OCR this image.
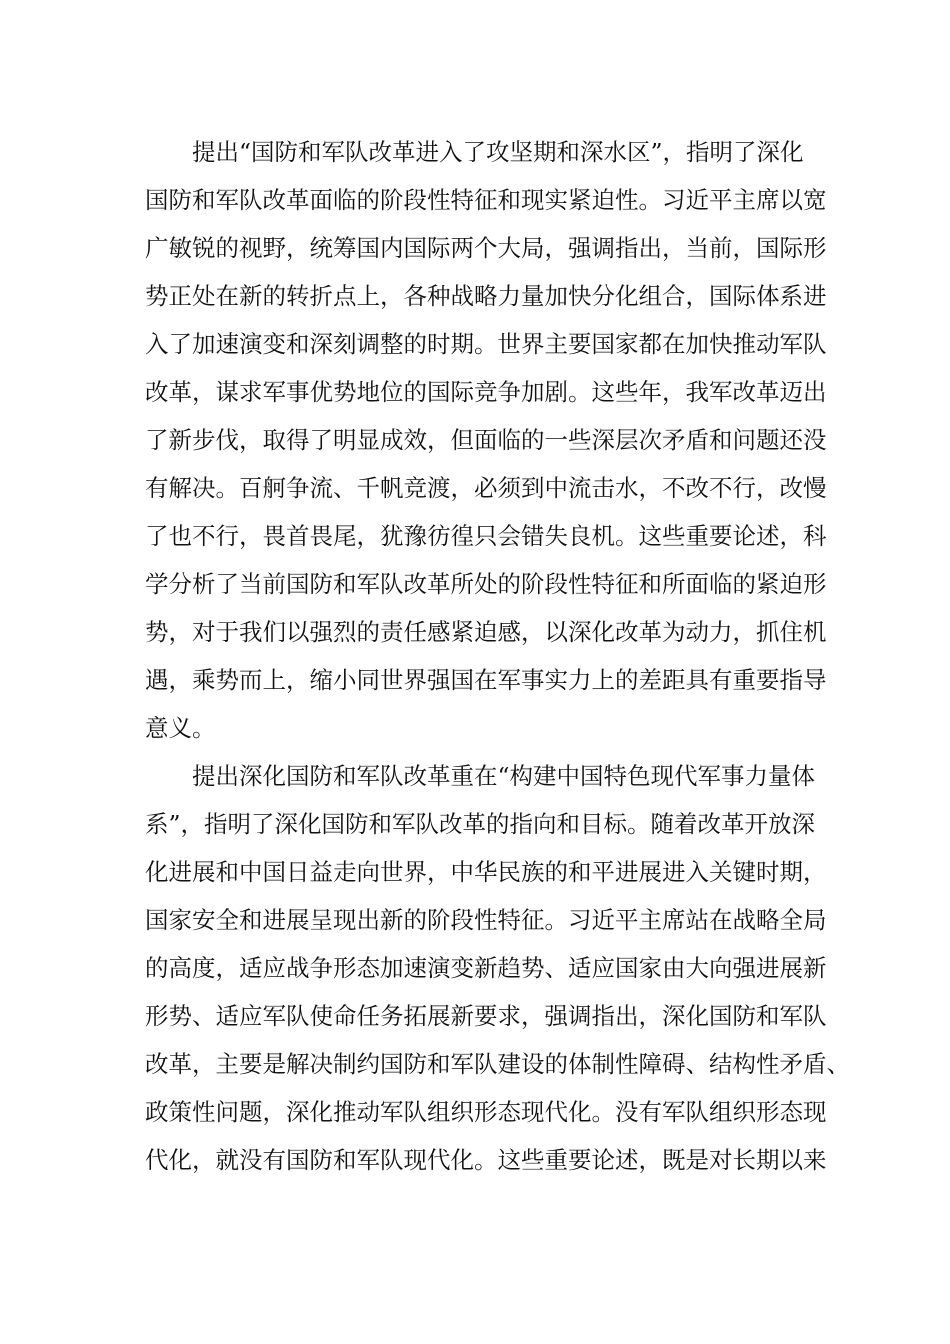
提出“国防和军队改革进入了攻坚期和深水区”，指明了深化
国防和军队改革面临的阶段性特征和现实紧迫性。习近平主席以宽
广敏锐的视野，统筹国内国际两个大局，强调指出，当前，国际形
势正处在新的转折点上，各种战略力量加快分化组合，国际体系进
入了加速演变和深刻调整的时期。世界主要国家都在加快推动军队
改革，谋求军事优势地位的国际竞争加剧。这些年，我军改革迈出
了新步伐，取得了明显成效，但面临的一些深层次矛盾和问题还没
有解决。百舸争流、千帆竞渡，必须到中流击水，不改不行，改慢
了也不行，畏首畏尾，犹豫彷徨只会错失良机。这些重要论述，科
学分析了当前国防和军队改革所处的阶段性特征和所面临的紧迫形
势，对于我们以强烈的责任感紧迫感，以深化改革为动力，抓住机
遇，乘势而上，缩小同世界强国在军事实力上的差距具有重要指导
意义。

提出深化国防和军队改革重在“构建中国特色现代军事力量体
系”，指明了深化国防和军队改革的指向和目标。随着改革开放深
化进展和中国日益走向世界，中华民族的和平进展进入关键时期，
国家安全和进展呈现出新的阶段性特征。习近平主席站在战略全局
的高度，适应战争形态加速演变新趋势、适应国家由大向强进展新
形势、适应军队使命任务拓展新要求，强调指出，深化国防和军队
改革，主要是解决制约国防和军队建设的体制性障碍、结构性矛盾、
政策性问题，深化推动军队组织形态现代化。没有军队组织形态现
代化，就没有国防和军队现代化。这些重要论述，既是对长期以来
